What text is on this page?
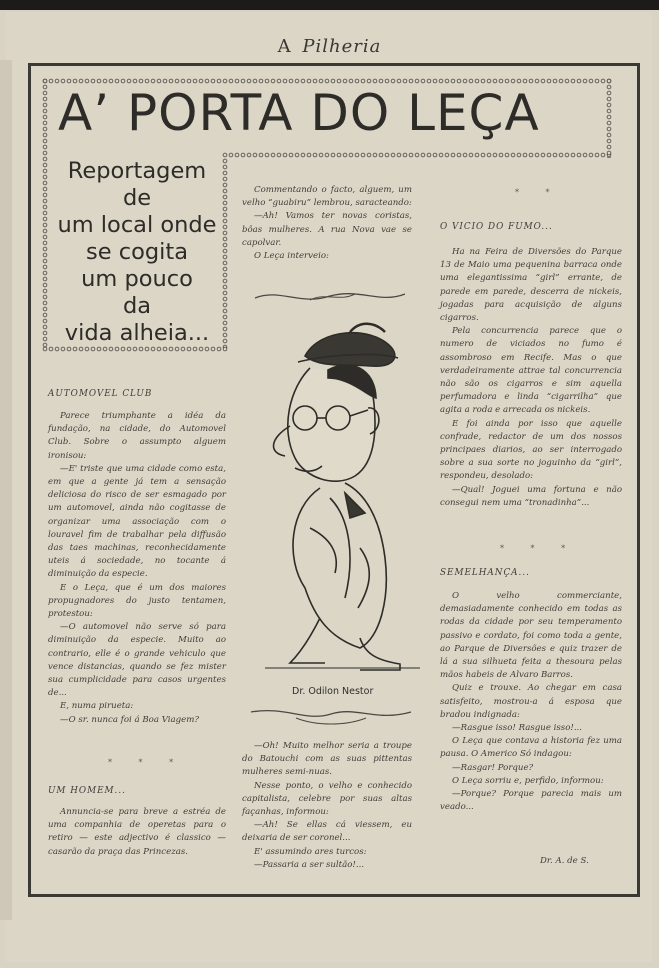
A Pilheria
A’ PORTA DO LEÇA
Reportagem
de
um local onde
se cogita
um pouco
da
vida alheia...
AUTOMOVEL CLUB

Parece triumphante a idéa da fundação, na cidade, do Automovel Club. Sobre o assumpto alguem ironisou:

—E' triste que uma cidade como esta, em que a gente já tem a sensação deliciosa do risco de ser esmagado por um automovel, ainda não cogitasse de organizar uma associação com o louravel fim de trabalhar pela diffusão das taes machinas, reconhecidamente uteis á sociedade, no tocante á diminuição da especie.

E o Leça, que é um dos maiores propugnadores do justo tentamen, protestou:

—O automovel não serve só para diminuição da especie. Muito ao contrario, elle é o grande vehiculo que vence distancias, quando se fez mister sua cumplicidade para casos urgentes de...

E, numa pirueta:

—O sr. nunca foi á Boa Viagem?

* * *
UM HOMEM...

Annuncia-se para breve a estréa de uma companhia de operetas para o retiro — este adjectivo é classico — casarão da praça das Princezas.

Commentando o facto, alguem, um velho “guabiru” lembrou, saracteando:

—Ah! Vamos ter novas coristas, bôas mulheres. A rua Nova vae se capolvar.

O Leça interveio:

Dr. Odilon Nestor

—Oh! Muito melhor seria a troupe do Batouchi com as suas pittentas mulheres semi-nuas.

Nesse ponto, o velho e conhecido capitalista, celebre por suas altas façanhas, informou:

—Ah! Se ellas cá viessem, eu deixaria de ser coronel...

E' assumindo ares turcos:

—Passaria a ser sultão!...

* *
O VICIO DO FUMO...

Ha na Feira de Diversões do Parque 13 de Maio uma pequenina barraca onde uma elegantissima “girl” errante, de parede em parede, descerra de nickeis, jogadas para acquisição de alguns cigarros.

Pela concurrencia parece que o numero de viciados no fumo é assombroso em Recife. Mas o que verdadeiramente attrae tal concurrencia não são os cigarros e sim aquella perfumadora e linda “cigarrilha” que agita a roda e arrecada os nickeis.

E foi ainda por isso que aquelle confrade, redactor de um dos nossos principaes diarios, ao ser interrogado sobre a sua sorte no joguinho da “girl”, respondeu, desolado:

—Qual! Joguei uma fortuna e não consegui nem uma “tronadinha”...

* * *
SEMELHANÇA...

O velho commerciante, demasiadamente conhecido em todas as rodas da cidade por seu temperamento passivo e cordato, foi como toda a gente, ao Parque de Diversões e quiz trazer de lá a sua silhueta feita a thesoura pelas mãos habeis de Alvaro Barros.

Quiz e trouxe. Ao chegar em casa satisfeito, mostrou-a á esposa que bradou indignada:

—Rasgue isso! Rasgue isso!...

O Leça que contava a historia fez uma pausa. O Americo Só indagou:

—Rasgar! Porque?

O Leça sorriu e, perfido, informou:

—Porque? Porque parecia mais um veado...

Dr. A. de S.
